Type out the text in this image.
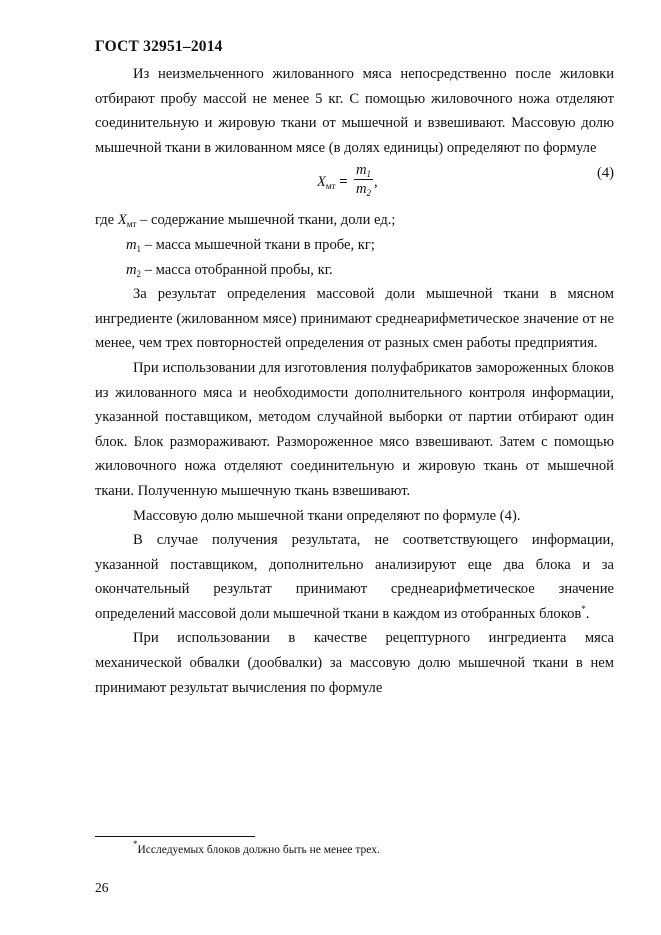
ГОСТ 32951–2014

Из неизмельченного жилованного мяса непосредственно после жиловки отбирают пробу массой не менее 5 кг. С помощью жиловочного ножа отделяют соединительную и жировую ткани от мышечной и взвешивают. Массовую долю мышечной ткани в жилованном мясе (в долях единицы) определяют по формуле

$X_{мт} = \frac{m_1}{m_2}$ ,
(4)

где $X_{мт}$ – содержание мышечной ткани, доли ед.;

$m_1$ – масса мышечной ткани в пробе, кг;

$m_2$ – масса отобранной пробы, кг.

За результат определения массовой доли мышечной ткани в мясном ингредиенте (жилованном мясе) принимают среднеарифметическое значение от не менее, чем трех повторностей определения от разных смен работы предприятия.

При использовании для изготовления полуфабрикатов замороженных блоков из жилованного мяса и необходимости дополнительного контроля информации, указанной поставщиком, методом случайной выборки от партии отбирают один блок. Блок размораживают. Размороженное мясо взвешивают. Затем с помощью жиловочного ножа отделяют соединительную и жировую ткань от мышечной ткани. Полученную мышечную ткань взвешивают.

Массовую долю мышечной ткани определяют по формуле (4).

В случае получения результата, не соответствующего информации, указанной поставщиком, дополнительно анализируют еще два блока и за окончательный результат принимают среднеарифметическое значение определений массовой доли мышечной ткани в каждом из отобранных блоков*.

При использовании в качестве рецептурного ингредиента мяса механической обвалки (дообвалки) за массовую долю мышечной ткани в нем принимают результат вычисления по формуле

*Исследуемых блоков должно быть не менее трех.
26
